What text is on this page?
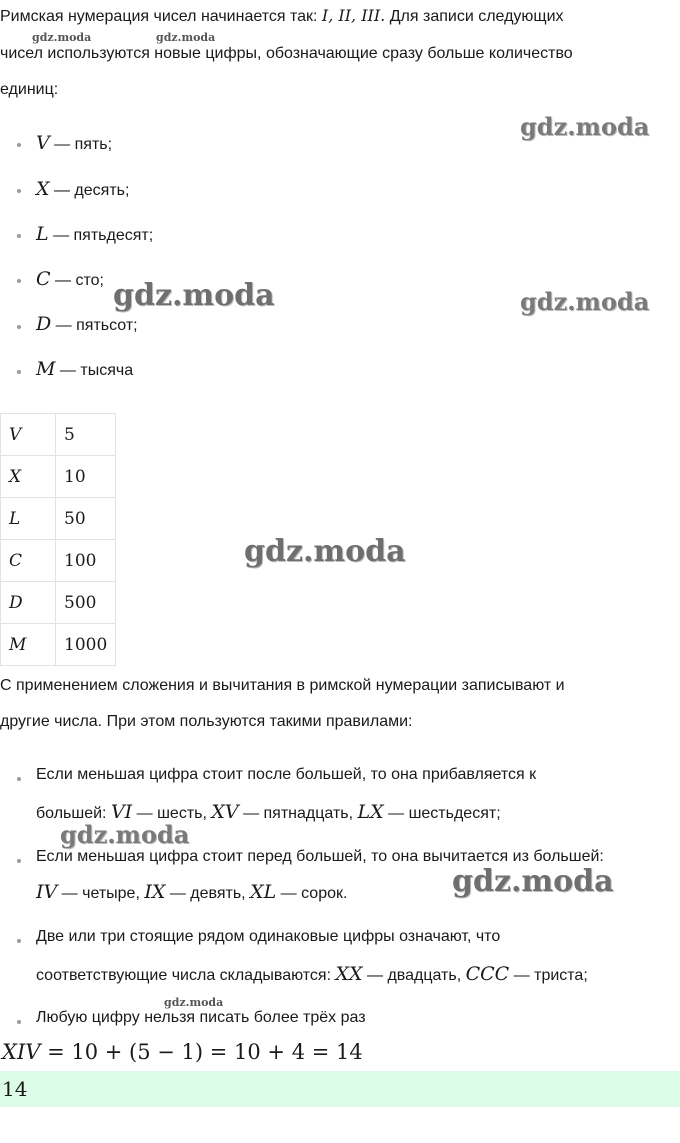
Римская нумерация чисел начинается так: I, II, III. Для записи следующих
чисел используются новые цифры, обозначающие сразу больше количество
единиц:
V — пять;
X — десять;
L — пятьдесят;
C — сто;
D — пятьсот;
M — тысяча
V	5
X	10
L	50
C	100
D	500
M	1000
С применением сложения и вычитания в римской нумерации записывают и
другие числа. При этом пользуются такими правилами:
Если меньшая цифра стоит после большей, то она прибавляется к
большей: VI — шесть, XV — пятнадцать, LX — шестьдесят;
Если меньшая цифра стоит перед большей, то она вычитается из большей:
IV — четыре, IX — девять, XL — сорок.
Две или три стоящие рядом одинаковые цифры означают, что
соответствующие числа складываются: XX — двадцать, CCC — триста;
Любую цифру нельзя писать более трёх раз
XIV = 10 + (5 − 1) = 10 + 4 = 14
14
gdz.moda	gdz.moda
gdz.moda
gdz.moda	gdz.moda
gdz.moda
gdz.moda
gdz.moda
gdz.moda
